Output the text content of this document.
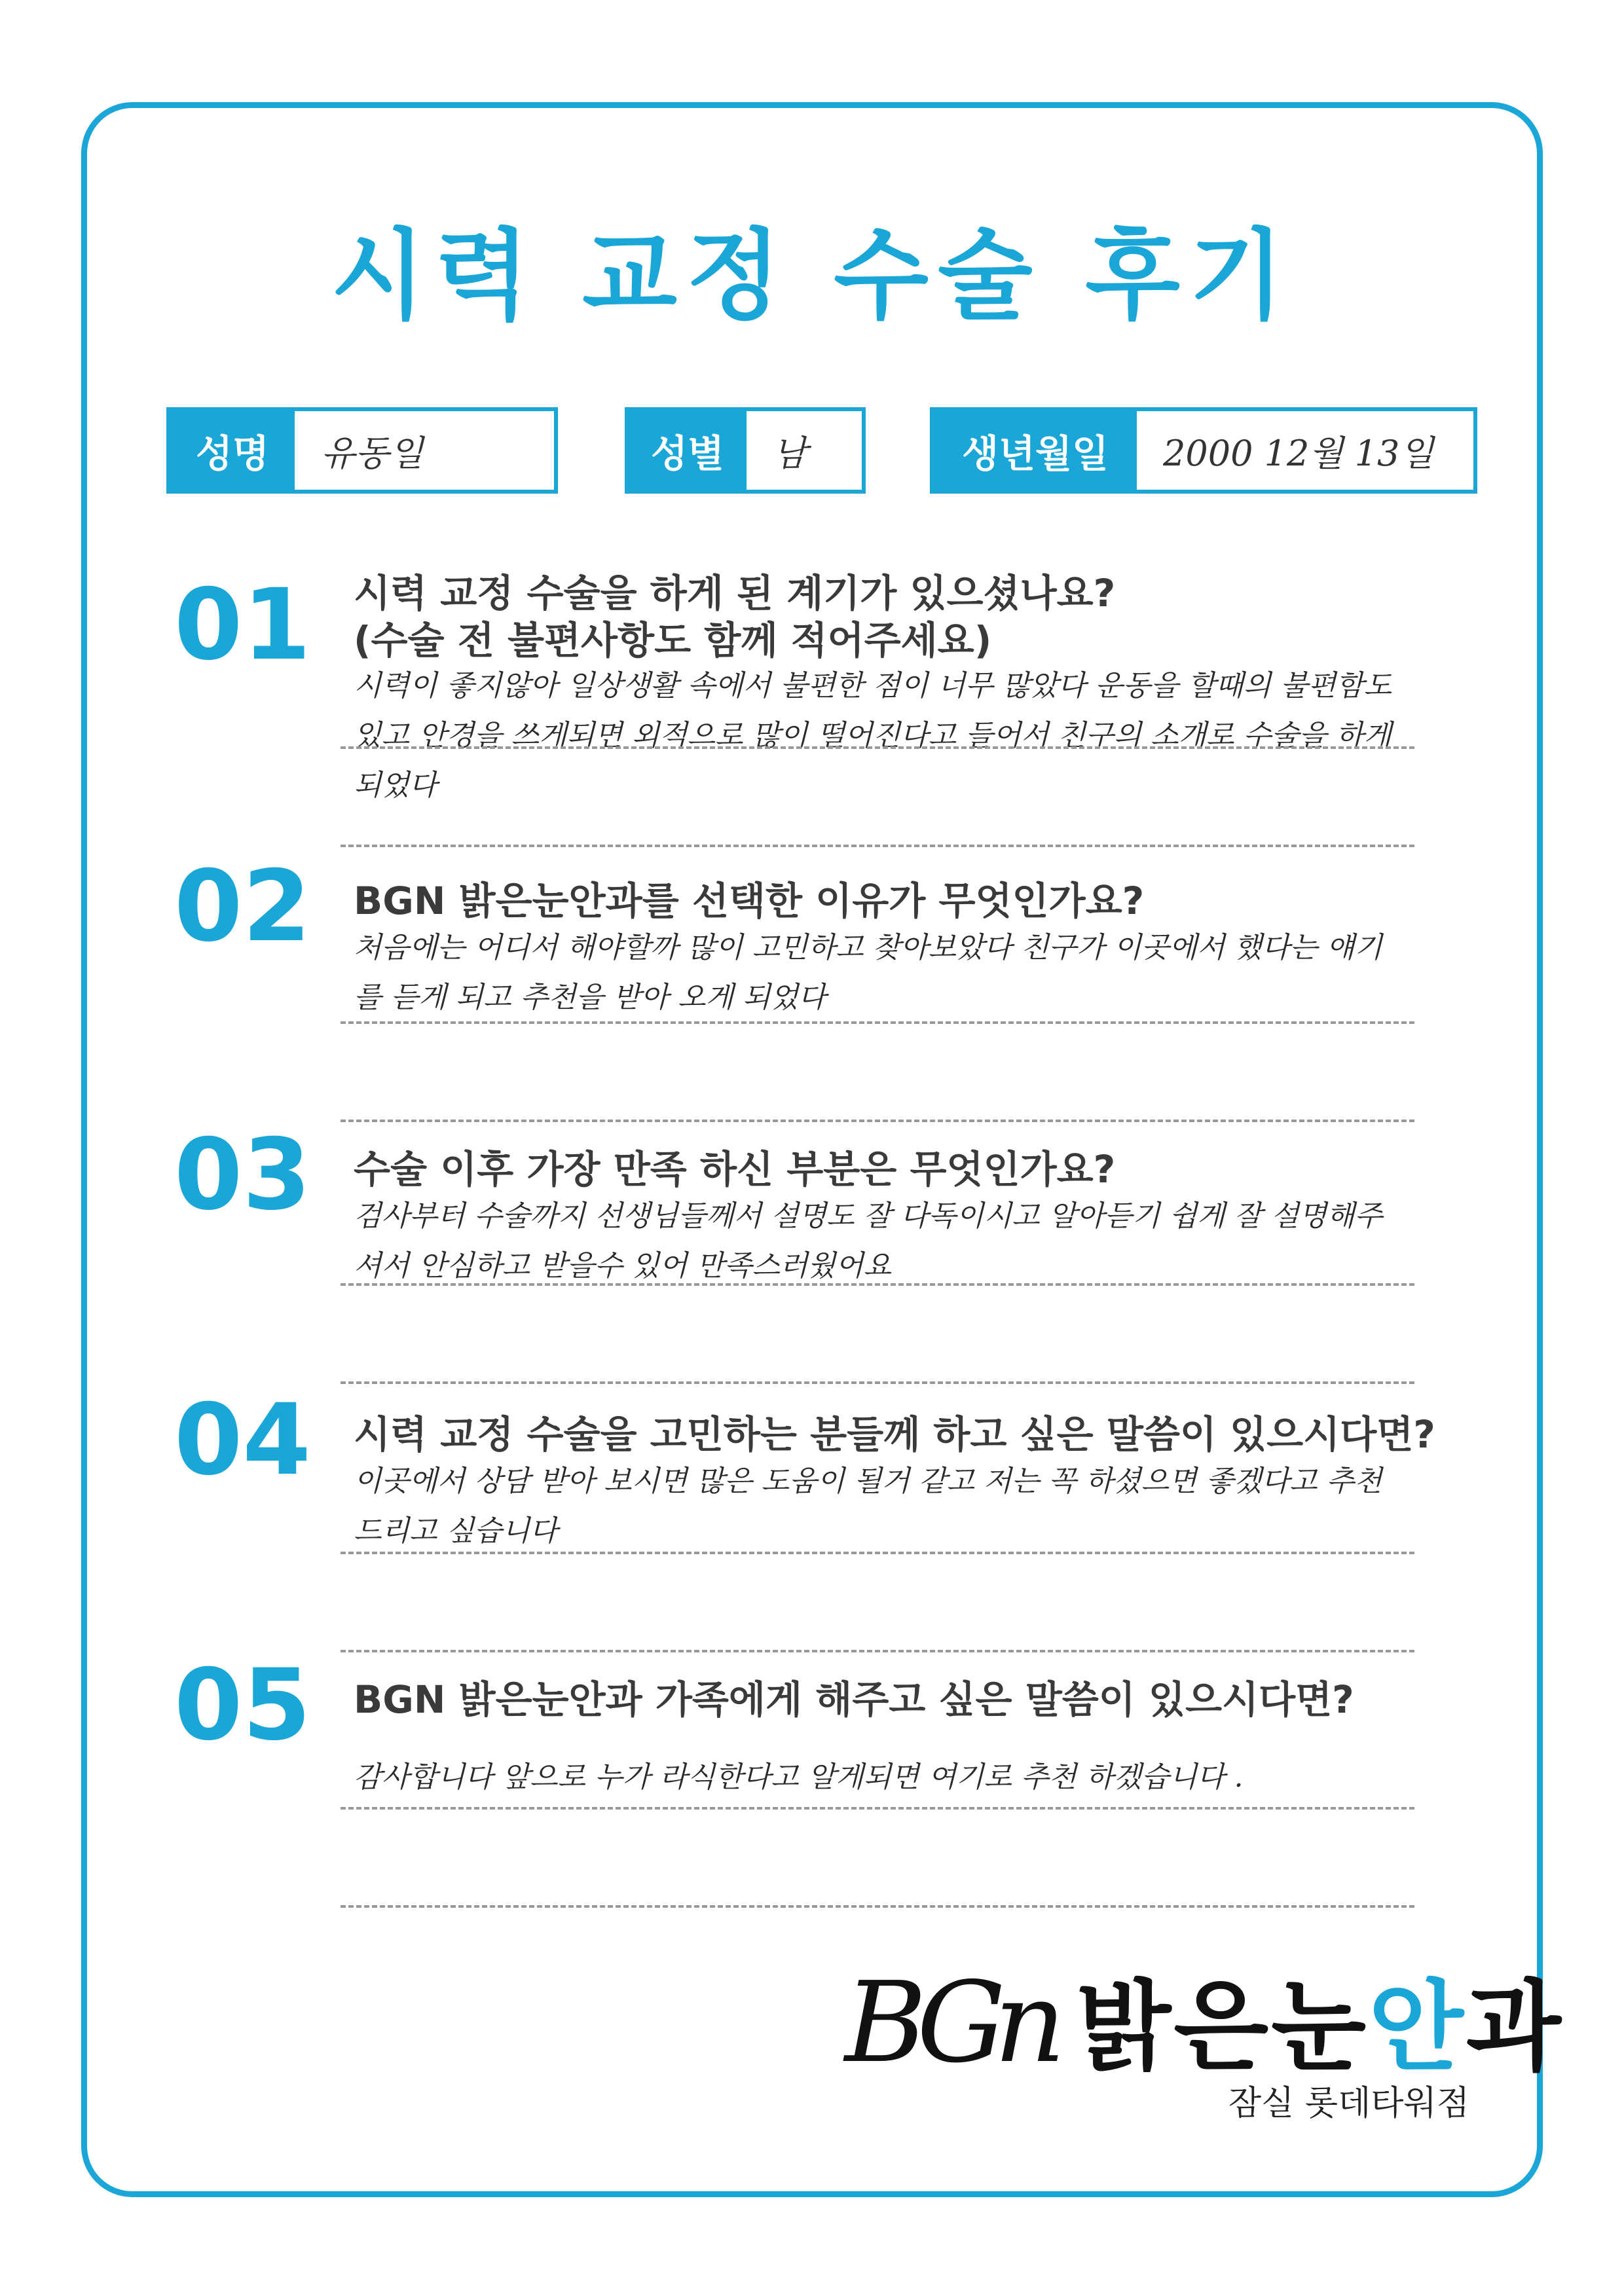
시력 교정 수술 후기
성명	유동일	성별	남	생년월일	2000 12월 13일
01 시력 교정 수술을 하게 된 계기가 있으셨나요?
(수술 전 불편사항도 함께 적어주세요)
시력이 좋지않아 일상생활 속에서 불편한 점이 너무 많았다 운동을 할때의 불편함도 있고 안경을 쓰게되면 외적으로 많이 떨어진다고 들어서 친구의 소개로 수술을 하게 되었다
02 BGN 밝은눈안과를 선택한 이유가 무엇인가요?
처음에는 어디서 해야할까 많이 고민하고 찾아보았다 친구가 이곳에서 했다는 얘기를 듣게 되고 추천을 받아 오게 되었다
03 수술 이후 가장 만족 하신 부분은 무엇인가요?
검사부터 수술까지 선생님들께서 설명도 잘 다독이시고 알아듣기 쉽게 잘 설명해주셔서 안심하고 받을수 있어 만족스러웠어요
04 시력 교정 수술을 고민하는 분들께 하고 싶은 말씀이 있으시다면?
이곳에서 상담 받아 보시면 많은 도움이 될거 같고 저는 꼭 하셨으면 좋겠다고 추천드리고 싶습니다
05 BGN 밝은눈안과 가족에게 해주고 싶은 말씀이 있으시다면?
감사합니다 앞으로 누가 라식한다고 알게되면 여기로 추천 하겠습니다 .
BGn 밝은눈안과
잠실 롯데타워점
